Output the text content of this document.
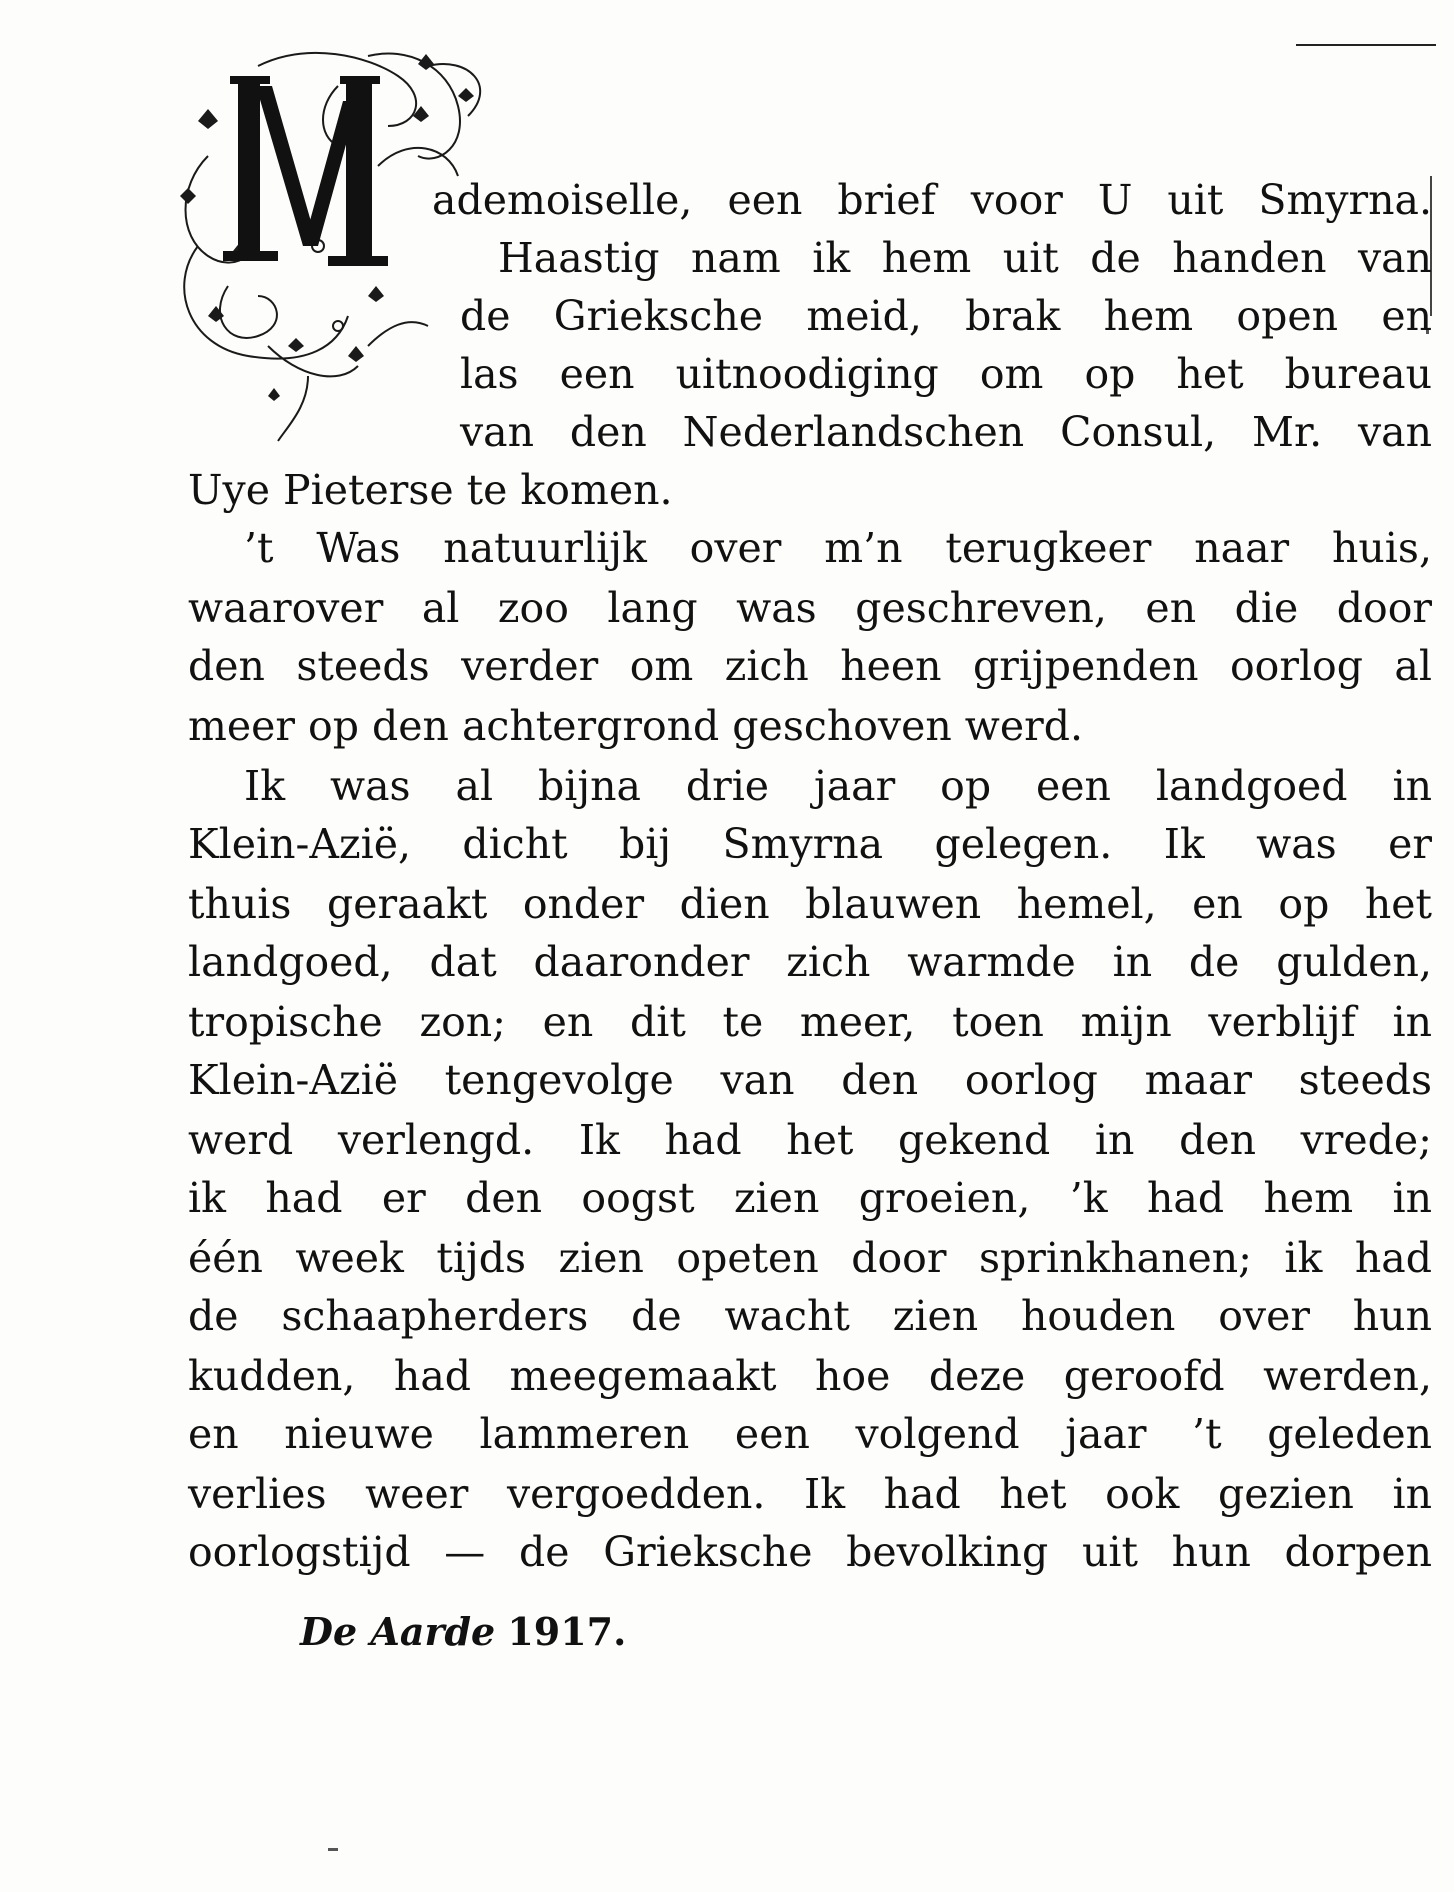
ademoiselle, een brief voor U uit Smyrna.

Haastig nam ik hem uit de handen van

de Grieksche meid, brak hem open en

las een uitnoodiging om op het bureau

van den Nederlandschen Consul, Mr. van

Uye Pieterse te komen.

’t Was natuurlijk over m’n terugkeer naar huis,

waarover al zoo lang was geschreven, en die door

den steeds verder om zich heen grijpenden oorlog al

meer op den achtergrond geschoven werd.

Ik was al bijna drie jaar op een landgoed in

Klein-Azië, dicht bij Smyrna gelegen. Ik was er

thuis geraakt onder dien blauwen hemel, en op het

landgoed, dat daaronder zich warmde in de gulden,

tropische zon; en dit te meer, toen mijn verblijf in

Klein-Azië tengevolge van den oorlog maar steeds

werd verlengd. Ik had het gekend in den vrede;

ik had er den oogst zien groeien, ’k had hem in

één week tijds zien opeten door sprinkhanen; ik had

de schaapherders de wacht zien houden over hun

kudden, had meegemaakt hoe deze geroofd werden,

en nieuwe lammeren een volgend jaar ’t geleden

verlies weer vergoedden. Ik had het ook gezien in

oorlogstijd — de Grieksche bevolking uit hun dorpen

De Aarde 1917.
